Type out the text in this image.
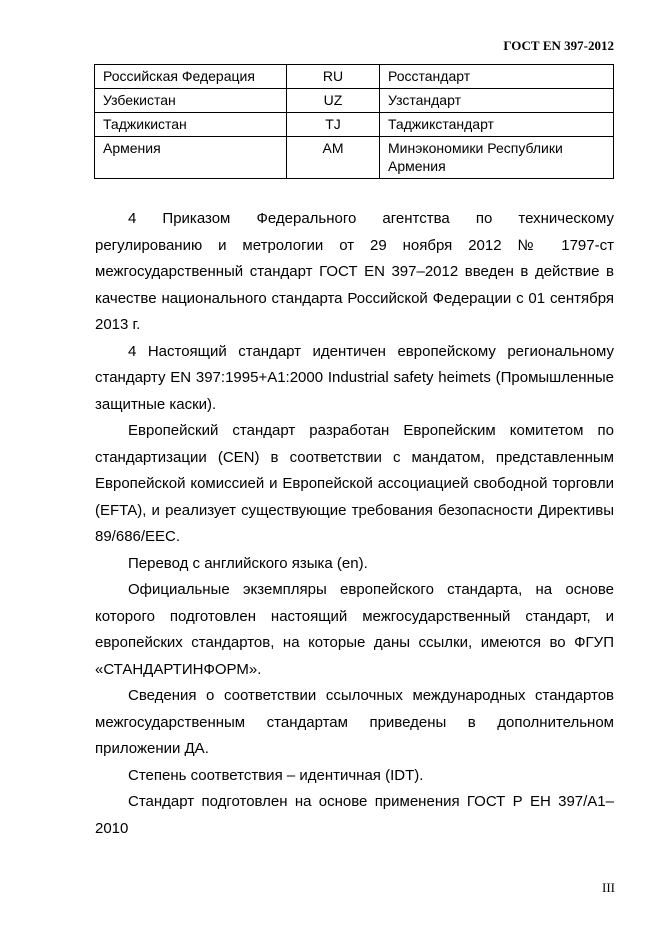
ГОСТ EN 397-2012
Российская Федерация	RU	Росстандарт
Узбекистан	UZ	Узстандарт
Таджикистан	TJ	Таджикстандарт
Армения	AM	Минэкономики Республики Армения

4 Приказом Федерального агентства по техническому регулированию и метрологии от 29 ноября 2012 № 1797-ст межгосударственный стандарт ГОСТ EN 397–2012 введен в действие в качестве национального стандарта Российской Федерации с 01 сентября 2013 г.

4 Настоящий стандарт идентичен европейскому региональному стандарту EN 397:1995+A1:2000 Industrial safety heimets (Промышленные защитные каски).

Европейский стандарт разработан Европейским комитетом по стандартизации (CEN) в соответствии с мандатом, представленным Европейской комиссией и Европейской ассоциацией свободной торговли (EFTA), и реализует существующие требования безопасности Директивы 89/686/EEC.

Перевод с английского языка (en).

Официальные экземпляры европейского стандарта, на основе которого подготовлен настоящий межгосударственный стандарт, и европейских стандартов, на которые даны ссылки, имеются во ФГУП «СТАНДАРТИНФОРМ».

Сведения о соответствии ссылочных международных стандартов межгосударственным стандартам приведены в дополнительном приложении ДА.

Степень соответствия – идентичная (IDT).

Стандарт подготовлен на основе применения ГОСТ Р ЕН 397/А1–2010

III
